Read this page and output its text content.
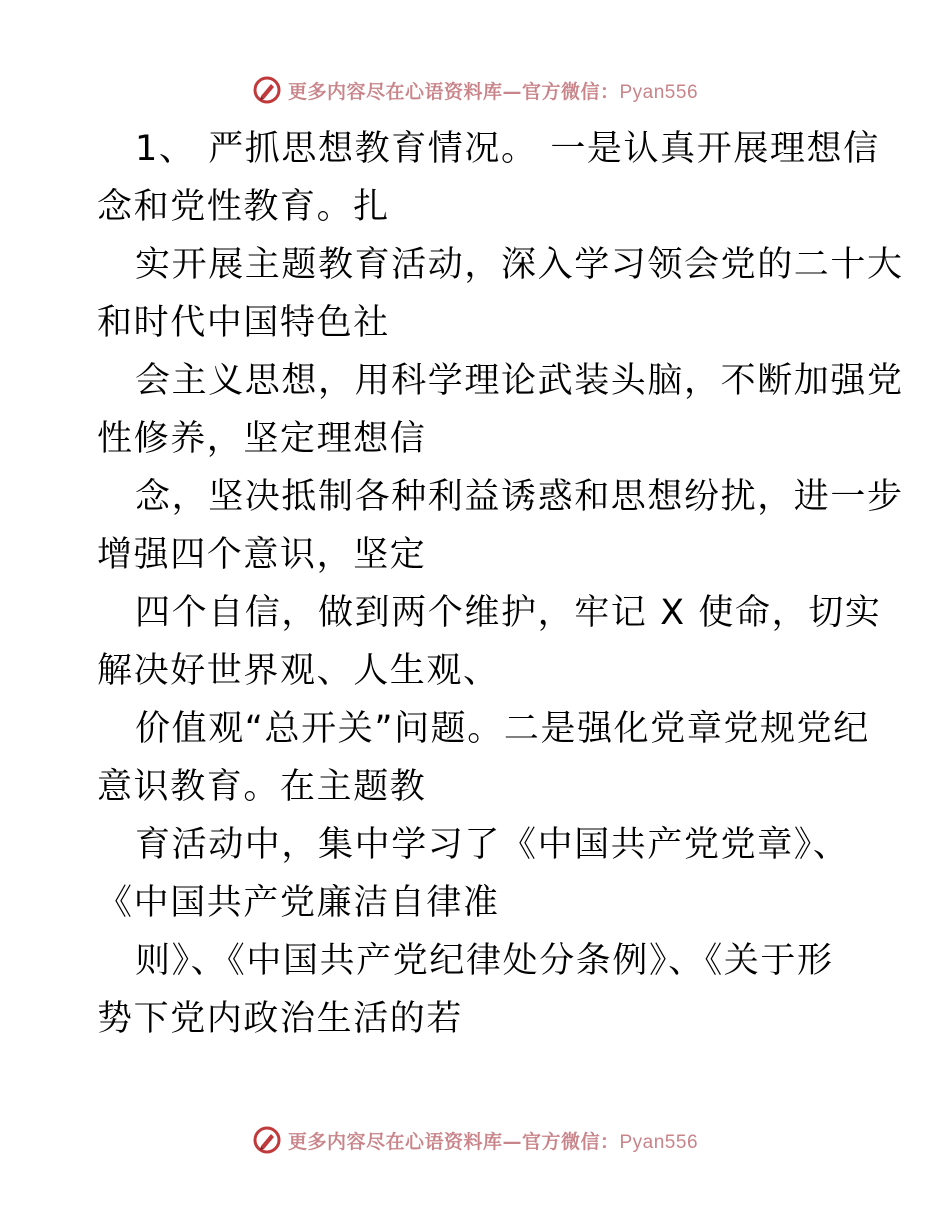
更多内容尽在心语资料库—官方微信：Pyan556
1、 严抓思想教育情况。 一是认真开展理想信
念和党性教育。扎
实开展主题教育活动，深入学习领会党的二十大
和时代中国特色社
会主义思想，用科学理论武装头脑，不断加强党
性修养，坚定理想信
念，坚决抵制各种利益诱惑和思想纷扰，进一步
增强四个意识，坚定
四个自信，做到两个维护，牢记 X 使命，切实
解决好世界观、人生观、
价值观“总开关”问题。二是强化党章党规党纪
意识教育。在主题教
育活动中，集中学习了《中国共产党党章》、
《中国共产党廉洁自律准
则》、《中国共产党纪律处分条例》、《关于形
势下党内政治生活的若
更多内容尽在心语资料库—官方微信：Pyan556
